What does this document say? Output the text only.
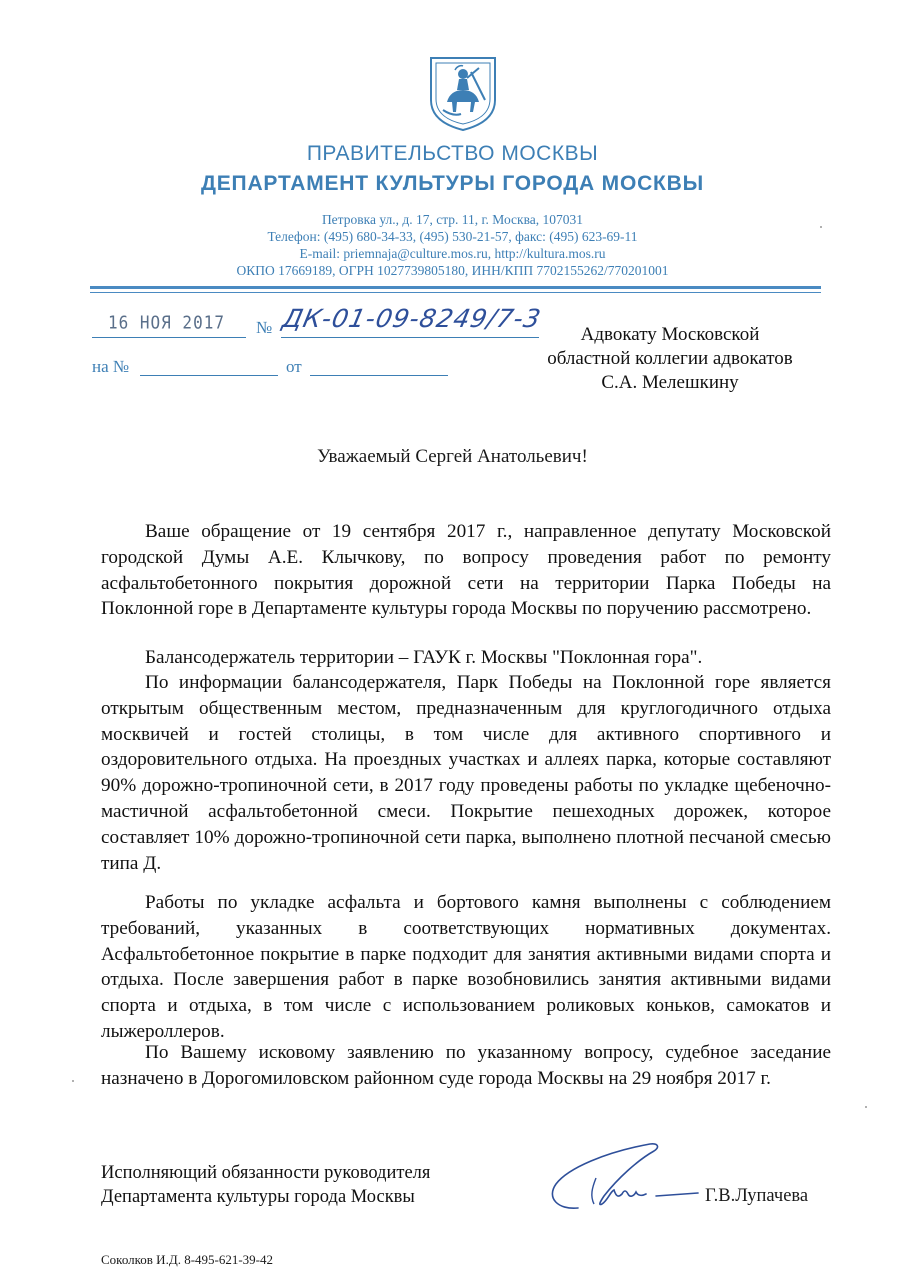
ПРАВИТЕЛЬСТВО МОСКВЫ
ДЕПАРТАМЕНТ КУЛЬТУРЫ ГОРОДА МОСКВЫ
Петровка ул., д. 17, стр. 11, г. Москва, 107031
Телефон: (495) 680-34-33, (495) 530-21-57, факс: (495) 623-69-11
E-mail: priemnaja@culture.mos.ru, http://kultura.mos.ru
ОКПО 17669189, ОГРН 1027739805180, ИНН/КПП 7702155262/770201001
16 НОЯ 2017 № ДК-01-09-8249/7-3
на №	от
Адвокату Московской
областной коллегии адвокатов
С.А. Мелешкину
Уважаемый Сергей Анатольевич!

Ваше обращение от 19 сентября 2017 г., направленное депутату Московской городской Думы А.Е. Клычкову, по вопросу проведения работ по ремонту асфальтобетонного покрытия дорожной сети на территории Парка Победы на Поклонной горе в Департаменте культуры города Москвы по поручению рассмотрено.

Балансодержатель территории – ГАУК г. Москвы "Поклонная гора".

По информации балансодержателя, Парк Победы на Поклонной горе является открытым общественным местом, предназначенным для круглогодичного отдыха москвичей и гостей столицы, в том числе для активного спортивного и оздоровительного отдыха. На проездных участках и аллеях парка, которые составляют 90% дорожно-тропиночной сети, в 2017 году проведены работы по укладке щебеночно-мастичной асфальтобетонной смеси. Покрытие пешеходных дорожек, которое составляет 10% дорожно-тропиночной сети парка, выполнено плотной песчаной смесью типа Д.

Работы по укладке асфальта и бортового камня выполнены с соблюдением требований, указанных в соответствующих нормативных документах. Асфальтобетонное покрытие в парке подходит для занятия активными видами спорта и отдыха. После завершения работ в парке возобновились занятия активными видами спорта и отдыха, в том числе с использованием роликовых коньков, самокатов и лыжероллеров.

По Вашему исковому заявлению по указанному вопросу, судебное заседание назначено в Дорогомиловском районном суде города Москвы на 29 ноября 2017 г.

Исполняющий обязанности руководителя
Департамента культуры города Москвы	Г.В.Лупачева
Соколков И.Д. 8-495-621-39-42
